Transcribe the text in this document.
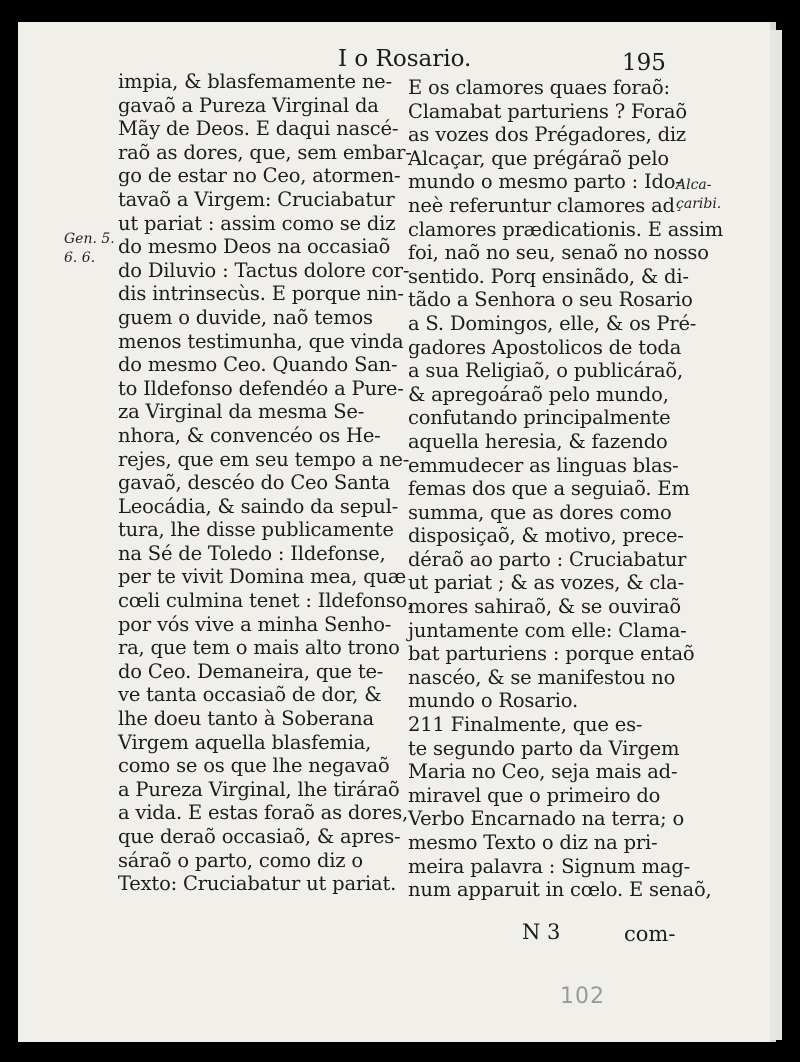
I o Rosario.	195
Gen. 5.
6. 6.
Alca-
çaribi.
impia, & blasfemamente ne-
gavaõ a Pureza Virginal da
Mãy de Deos. E daqui nascé-
raõ as dores, que, sem embar-
go de estar no Ceo, atormen-
tavaõ a Virgem: Cruciabatur
ut pariat : assim como se diz
do mesmo Deos na occasiaõ
do Diluvio : Tactus dolore cor-
dis intrinsecùs. E porque nin-
guem o duvide, naõ temos
menos testimunha, que vinda
do mesmo Ceo. Quando San-
to Ildefonso defendéo a Pure-
za Virginal da mesma Se-
nhora, & convencéo os He-
rejes, que em seu tempo a ne-
gavaõ, descéo do Ceo Santa
Leocádia, & saindo da sepul-
tura, lhe disse publicamente
na Sé de Toledo : Ildefonse,
per te vivit Domina mea, quæ
cœli culmina tenet : Ildefonso,
por vós vive a minha Senho-
ra, que tem o mais alto trono
do Ceo. Demaneira, que te-
ve tanta occasiaõ de dor, &
lhe doeu tanto à Soberana
Virgem aquella blasfemia,
como se os que lhe negavaõ
a Pureza Virginal, lhe tiráraõ
a vida. E estas foraõ as dores,
que deraõ occasiaõ, & apres-
sáraõ o parto, como diz o
Texto: Cruciabatur ut pariat.
E os clamores quaes foraõ:
Clamabat parturiens ? Foraõ
as vozes dos Prégadores, diz
Alcaçar, que prégáraõ pelo
mundo o mesmo parto : Ido-
neè referuntur clamores ad
clamores prædicationis. E assim
foi, naõ no seu, senaõ no nosso
sentido. Porq ensinãdo, & di-
tãdo a Senhora o seu Rosario
a S. Domingos, elle, & os Pré-
gadores Apostolicos de toda
a sua Religiaõ, o publicáraõ,
& apregoáraõ pelo mundo,
confutando principalmente
aquella heresia, & fazendo
emmudecer as linguas blas-
femas dos que a seguiaõ. Em
summa, que as dores como
disposiçaõ, & motivo, prece-
déraõ ao parto : Cruciabatur
ut pariat ; & as vozes, & cla-
mores sahiraõ, & se ouviraõ
juntamente com elle: Clama-
bat parturiens : porque entaõ
nascéo, & se manifestou no
mundo o Rosario.
211 Finalmente, que es-
te segundo parto da Virgem
Maria no Ceo, seja mais ad-
miravel que o primeiro do
Verbo Encarnado na terra; o
mesmo Texto o diz na pri-
meira palavra : Signum mag-
num apparuit in cœlo. E senaõ,
N 3	com-
102
